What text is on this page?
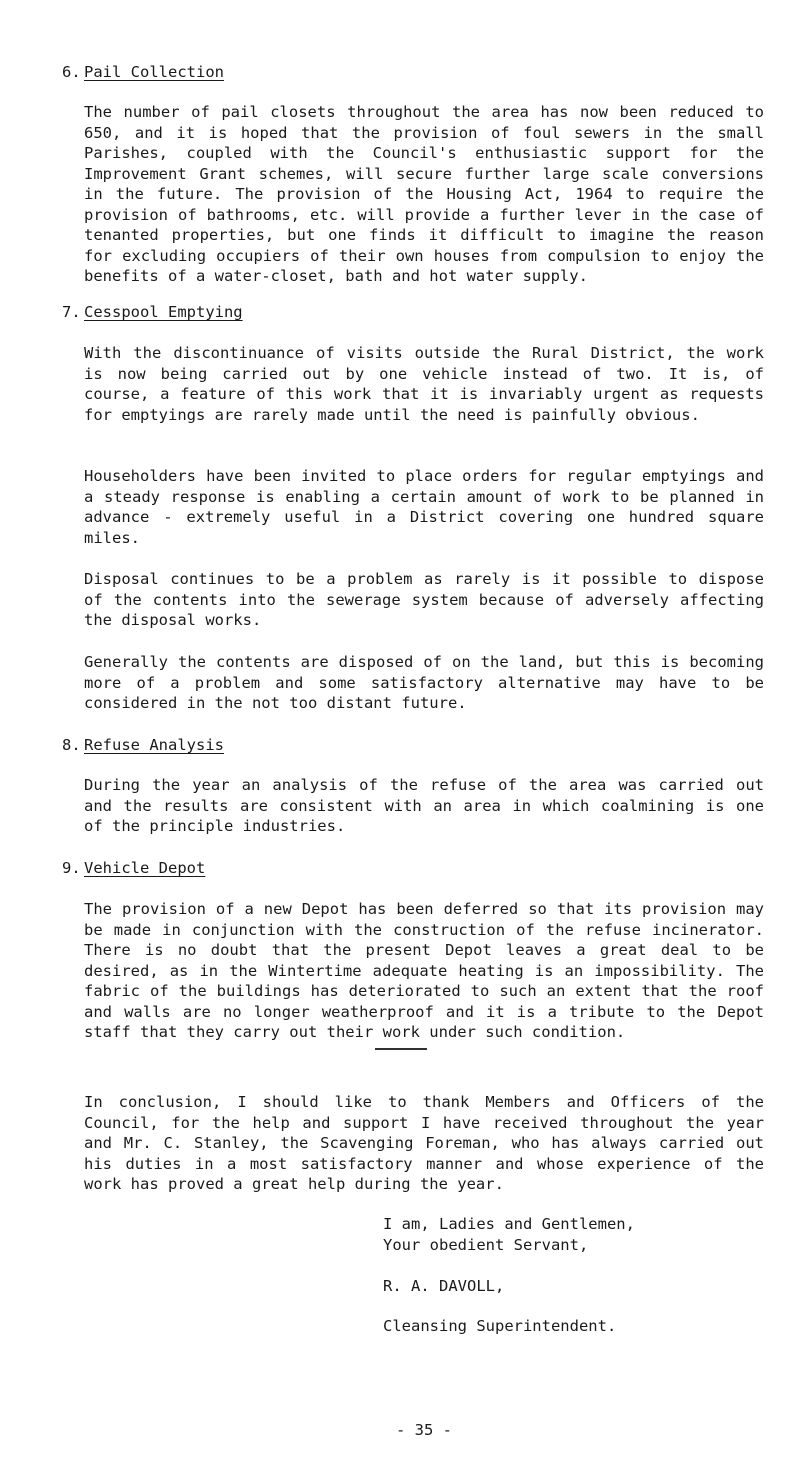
6. Pail Collection

The number of pail closets throughout the area has now been reduced to 650, and it is hoped that the provision of foul sewers in the small Parishes, coupled with the Council's enthusiastic support for the Improvement Grant schemes, will secure further large scale conversions in the future. The provision of the Housing Act, 1964 to require the provision of bathrooms, etc. will provide a further lever in the case of tenanted properties, but one finds it difficult to imagine the reason for excluding occupiers of their own houses from compulsion to enjoy the benefits of a water-closet, bath and hot water supply.

7. Cesspool Emptying

With the discontinuance of visits outside the Rural District, the work is now being carried out by one vehicle instead of two. It is, of course, a feature of this work that it is invariably urgent as requests for emptyings are rarely made until the need is painfully obvious.

Householders have been invited to place orders for regular emptyings and a steady response is enabling a certain amount of work to be planned in advance - extremely useful in a District covering one hundred square miles.

Disposal continues to be a problem as rarely is it possible to dispose of the contents into the sewerage system because of adversely affecting the disposal works.

Generally the contents are disposed of on the land, but this is becoming more of a problem and some satisfactory alternative may have to be considered in the not too distant future.

8. Refuse Analysis

During the year an analysis of the refuse of the area was carried out and the results are consistent with an area in which coalmining is one of the principle industries.

9. Vehicle Depot

The provision of a new Depot has been deferred so that its provision may be made in conjunction with the construction of the refuse incinerator. There is no doubt that the present Depot leaves a great deal to be desired, as in the Wintertime adequate heating is an impossibility. The fabric of the buildings has deteriorated to such an extent that the roof and walls are no longer weatherproof and it is a tribute to the Depot staff that they carry out their work under such condition.

In conclusion, I should like to thank Members and Officers of the Council, for the help and support I have received throughout the year and Mr. C. Stanley, the Scavenging Foreman, who has always carried out his duties in a most satisfactory manner and whose experience of the work has proved a great help during the year.

I am, Ladies and Gentlemen,
Your obedient Servant,
R. A. DAVOLL,
Cleansing Superintendent.
- 35 -
